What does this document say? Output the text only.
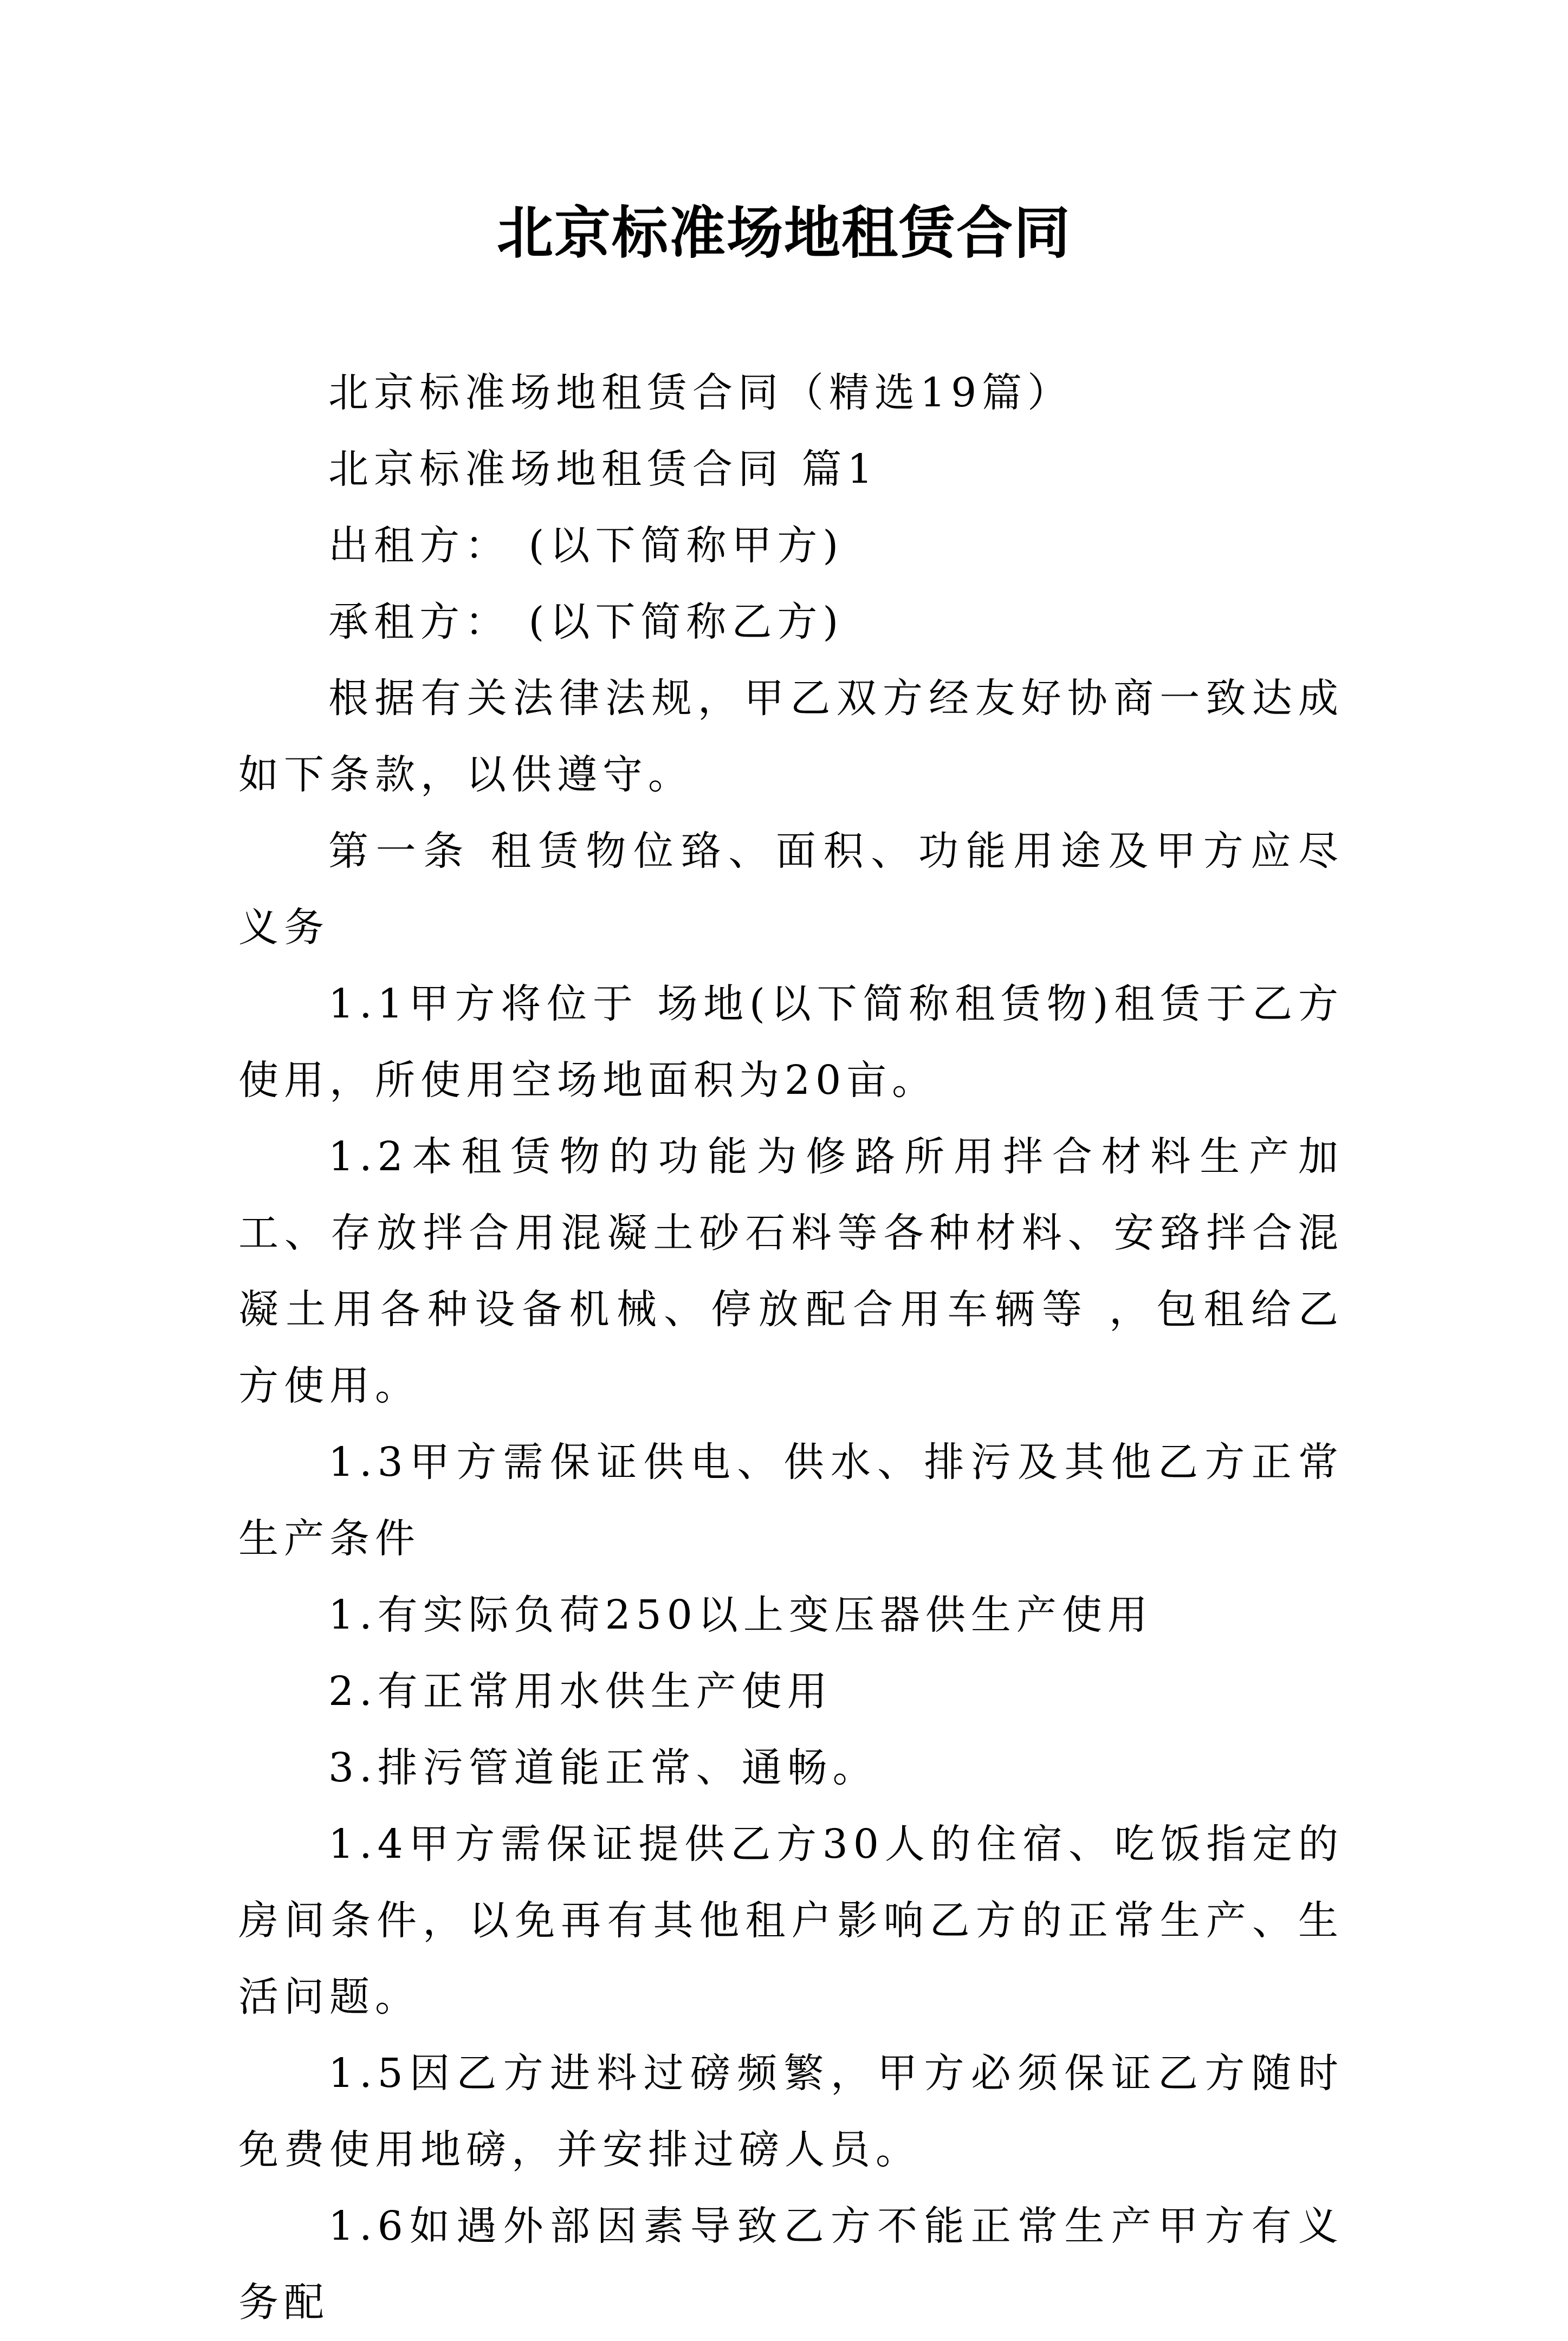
北京标准场地租赁合同

北京标准场地租赁合同（精选19篇）

北京标准场地租赁合同 篇1

出租方： (以下简称甲方)

承租方： (以下简称乙方)

根据有关法律法规，甲乙双方经友好协商一致达成如下条款，以供遵守。

第一条 租赁物位臵、面积、功能用途及甲方应尽义务

1.1甲方将位于 场地(以下简称租赁物)租赁于乙方使用，所使用空场地面积为20亩。

1.2本租赁物的功能为修路所用拌合材料生产加工、存放拌合用混凝土砂石料等各种材料、安臵拌合混凝土用各种设备机械、停放配合用车辆等 ，包租给乙方使用。

1.3甲方需保证供电、供水、排污及其他乙方正常生产条件

1.有实际负荷250以上变压器供生产使用

2.有正常用水供生产使用

3.排污管道能正常、通畅。

1.4甲方需保证提供乙方30人的住宿、吃饭指定的房间条件，以免再有其他租户影响乙方的正常生产、生活问题。

1.5因乙方进料过磅频繁，甲方必须保证乙方随时免费使用地磅，并安排过磅人员。

1.6如遇外部因素导致乙方不能正常生产甲方有义务配
